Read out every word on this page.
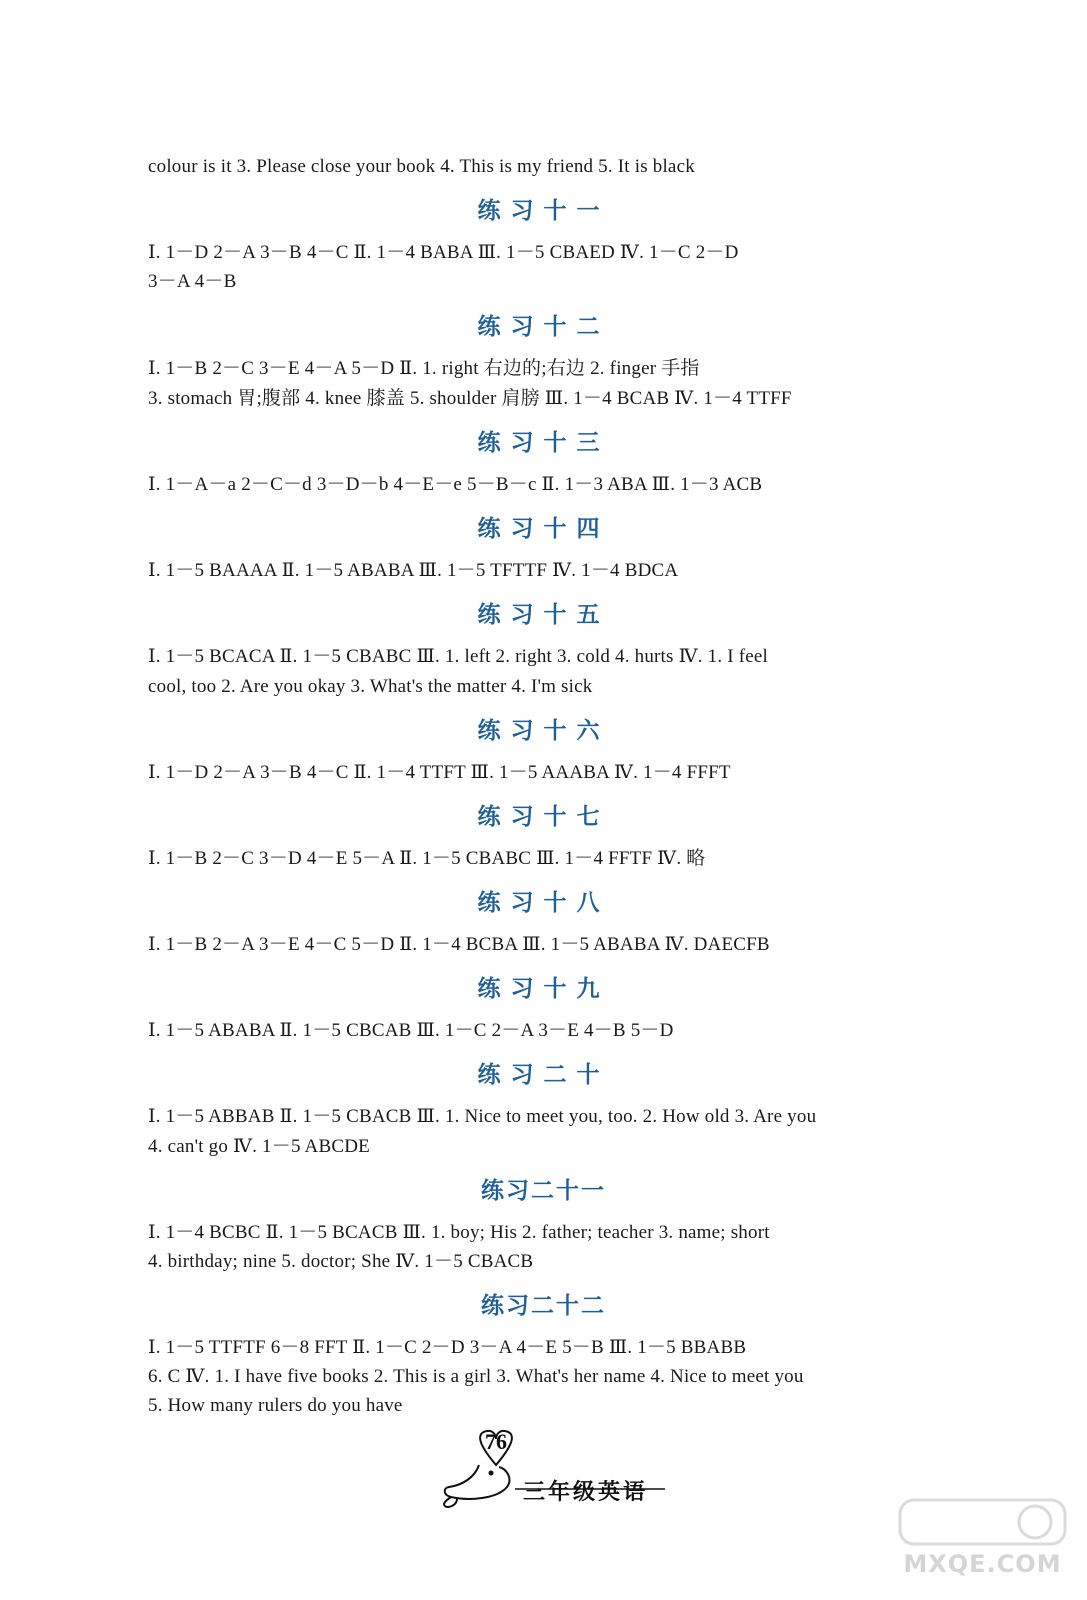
colour is it 3. Please close your book 4. This is my friend 5. It is black
练习十一
Ⅰ. 1－D 2－A 3－B 4－C Ⅱ. 1－4 BABA Ⅲ. 1－5 CBAED Ⅳ. 1－C 2－D
3－A 4－B
练习十二
Ⅰ. 1－B 2－C 3－E 4－A 5－D Ⅱ. 1. right 右边的;右边 2. finger 手指
3. stomach 胃;腹部 4. knee 膝盖 5. shoulder 肩膀 Ⅲ. 1－4 BCAB Ⅳ. 1－4 TTFF
练习十三
Ⅰ. 1－A－a 2－C－d 3－D－b 4－E－e 5－B－c Ⅱ. 1－3 ABA Ⅲ. 1－3 ACB
练习十四
Ⅰ. 1－5 BAAAA Ⅱ. 1－5 ABABA Ⅲ. 1－5 TFTTF Ⅳ. 1－4 BDCA
练习十五
Ⅰ. 1－5 BCACA Ⅱ. 1－5 CBABC Ⅲ. 1. left 2. right 3. cold 4. hurts Ⅳ. 1. I feel
cool, too 2. Are you okay 3. What's the matter 4. I'm sick
练习十六
Ⅰ. 1－D 2－A 3－B 4－C Ⅱ. 1－4 TTFT Ⅲ. 1－5 AAABA Ⅳ. 1－4 FFFT
练习十七
Ⅰ. 1－B 2－C 3－D 4－E 5－A Ⅱ. 1－5 CBABC Ⅲ. 1－4 FFTF Ⅳ. 略
练习十八
Ⅰ. 1－B 2－A 3－E 4－C 5－D Ⅱ. 1－4 BCBA Ⅲ. 1－5 ABABA Ⅳ. DAECFB
练习十九
Ⅰ. 1－5 ABABA Ⅱ. 1－5 CBCAB Ⅲ. 1－C 2－A 3－E 4－B 5－D
练习二十
Ⅰ. 1－5 ABBAB Ⅱ. 1－5 CBACB Ⅲ. 1. Nice to meet you, too. 2. How old 3. Are you
4. can't go Ⅳ. 1－5 ABCDE
练习二十一
Ⅰ. 1－4 BCBC Ⅱ. 1－5 BCACB Ⅲ. 1. boy; His 2. father; teacher 3. name; short
4. birthday; nine 5. doctor; She Ⅳ. 1－5 CBACB
练习二十二
Ⅰ. 1－5 TTFTF 6－8 FFT Ⅱ. 1－C 2－D 3－A 4－E 5－B Ⅲ. 1－5 BBABB
6. C Ⅳ. 1. I have five books 2. This is a girl 3. What's her name 4. Nice to meet you
5. How many rulers do you have
76
三年级英语
MXQE.COM
